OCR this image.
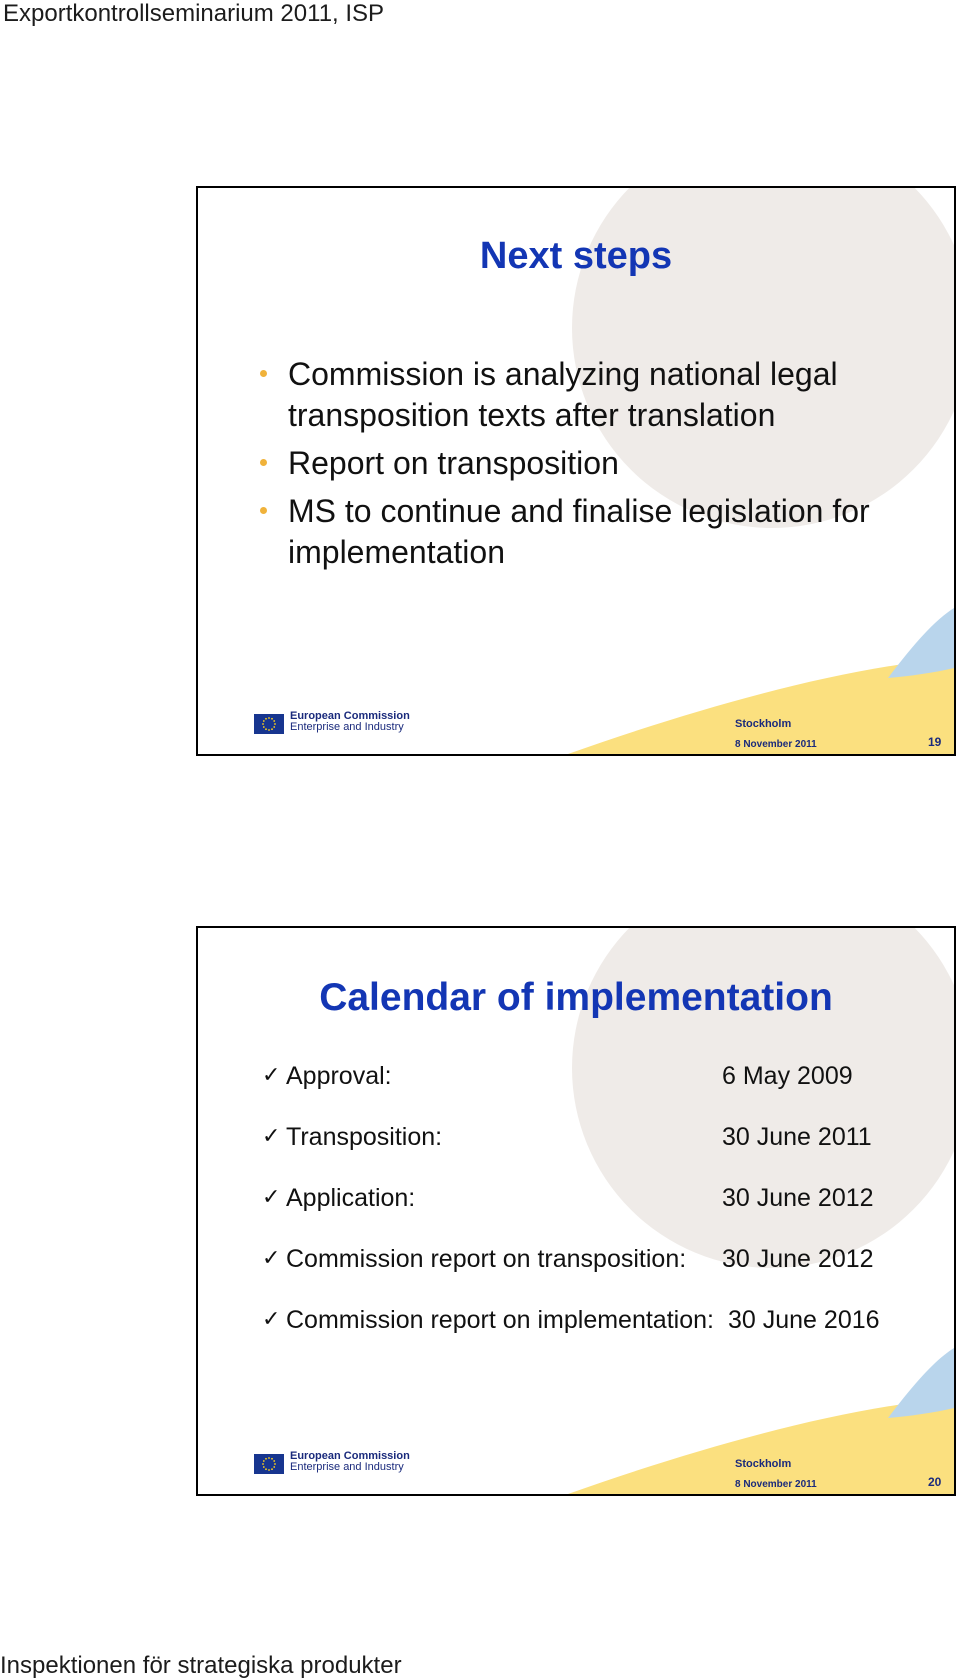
Exportkontrollseminarium 2011, ISP
Next steps
Commission is analyzing national legal transposition texts after translation
Report on transposition
MS to continue and finalise legislation for implementation
European Commission
Enterprise and Industry	Stockholm
8 November 2011	19
Calendar of implementation
✓ Approval:	6 May 2009
✓ Transposition:	30 June 2011
✓ Application:	30 June 2012
✓ Commission report on transposition: 30 June 2012
✓ Commission report on implementation: 30 June 2016
European Commission
Enterprise and Industry	Stockholm
8 November 2011	20
Inspektionen för strategiska produkter
